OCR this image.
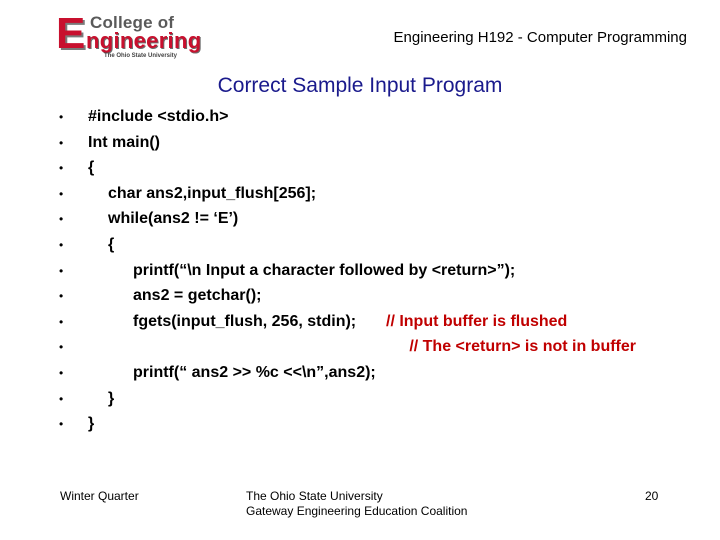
E College of
ngineering
The Ohio State University
Engineering H192 - Computer Programming
Correct Sample Input Program
• #include <stdio.h>
• Int main()
• {
•	char ans2,input_flush[256];
•	while(ans2 != ‘E’)
•	{
•	printf(“\n Input a character followed by <return>”);
•	ans2 = getchar();
•	fgets(input_flush, 256, stdin); // Input buffer is flushed
•	// The <return> is not in buffer
•	printf(“ ans2 >> %c <<\n”,ans2);
•	}
• }
Winter Quarter	The Ohio State University
Gateway Engineering Education Coalition
20
